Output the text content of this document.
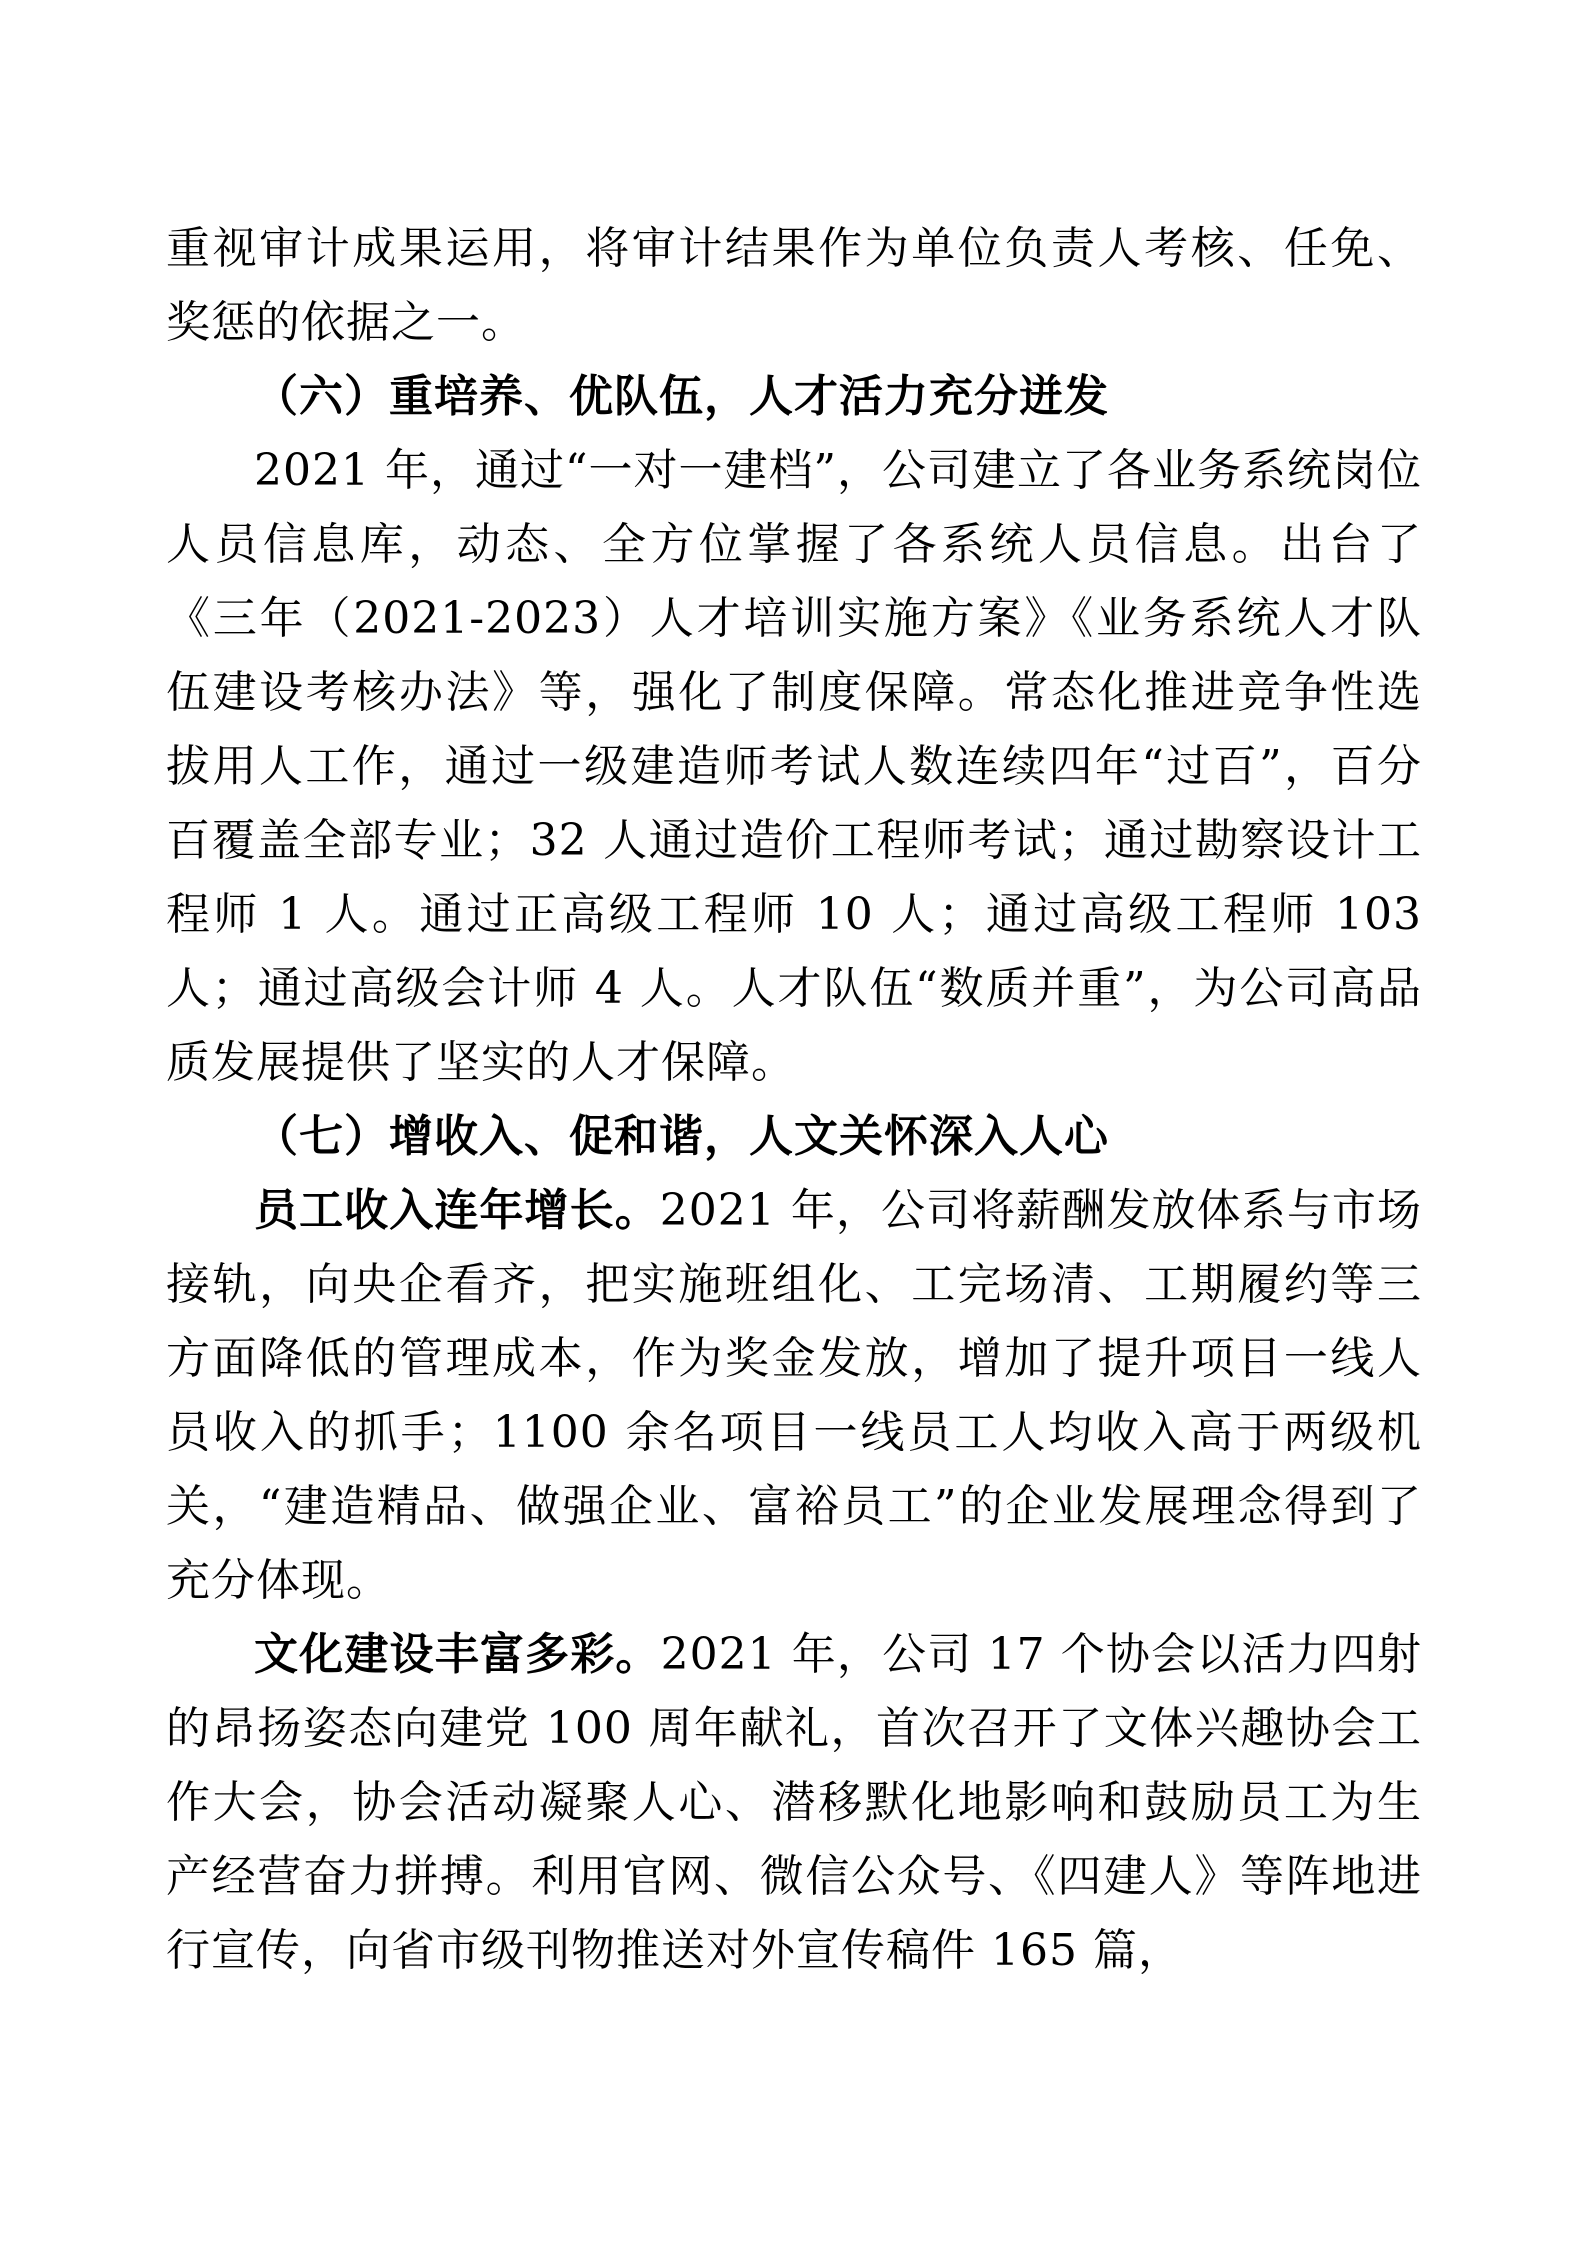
重视审计成果运用，将审计结果作为单位负责人考核、任免、奖惩的依据之一。

（六）重培养、优队伍，人才活力充分迸发

2021 年，通过“一对一建档”，公司建立了各业务系统岗位人员信息库，动态、全方位掌握了各系统人员信息。出台了《三年（2021-2023）人才培训实施方案》《业务系统人才队伍建设考核办法》等，强化了制度保障。常态化推进竞争性选拔用人工作，通过一级建造师考试人数连续四年“过百”，百分百覆盖全部专业；32 人通过造价工程师考试；通过勘察设计工程师 1 人。通过正高级工程师 10 人；通过高级工程师 103 人；通过高级会计师 4 人。人才队伍“数质并重”，为公司高品质发展提供了坚实的人才保障。

（七）增收入、促和谐，人文关怀深入人心

员工收入连年增长。2021 年，公司将薪酬发放体系与市场接轨，向央企看齐，把实施班组化、工完场清、工期履约等三方面降低的管理成本，作为奖金发放，增加了提升项目一线人员收入的抓手；1100 余名项目一线员工人均收入高于两级机关，“建造精品、做强企业、富裕员工”的企业发展理念得到了充分体现。

文化建设丰富多彩。2021 年，公司 17 个协会以活力四射的昂扬姿态向建党 100 周年献礼，首次召开了文体兴趣协会工作大会，协会活动凝聚人心、潜移默化地影响和鼓励员工为生产经营奋力拼搏。利用官网、微信公众号、《四建人》等阵地进行宣传，向省市级刊物推送对外宣传稿件 165 篇，
